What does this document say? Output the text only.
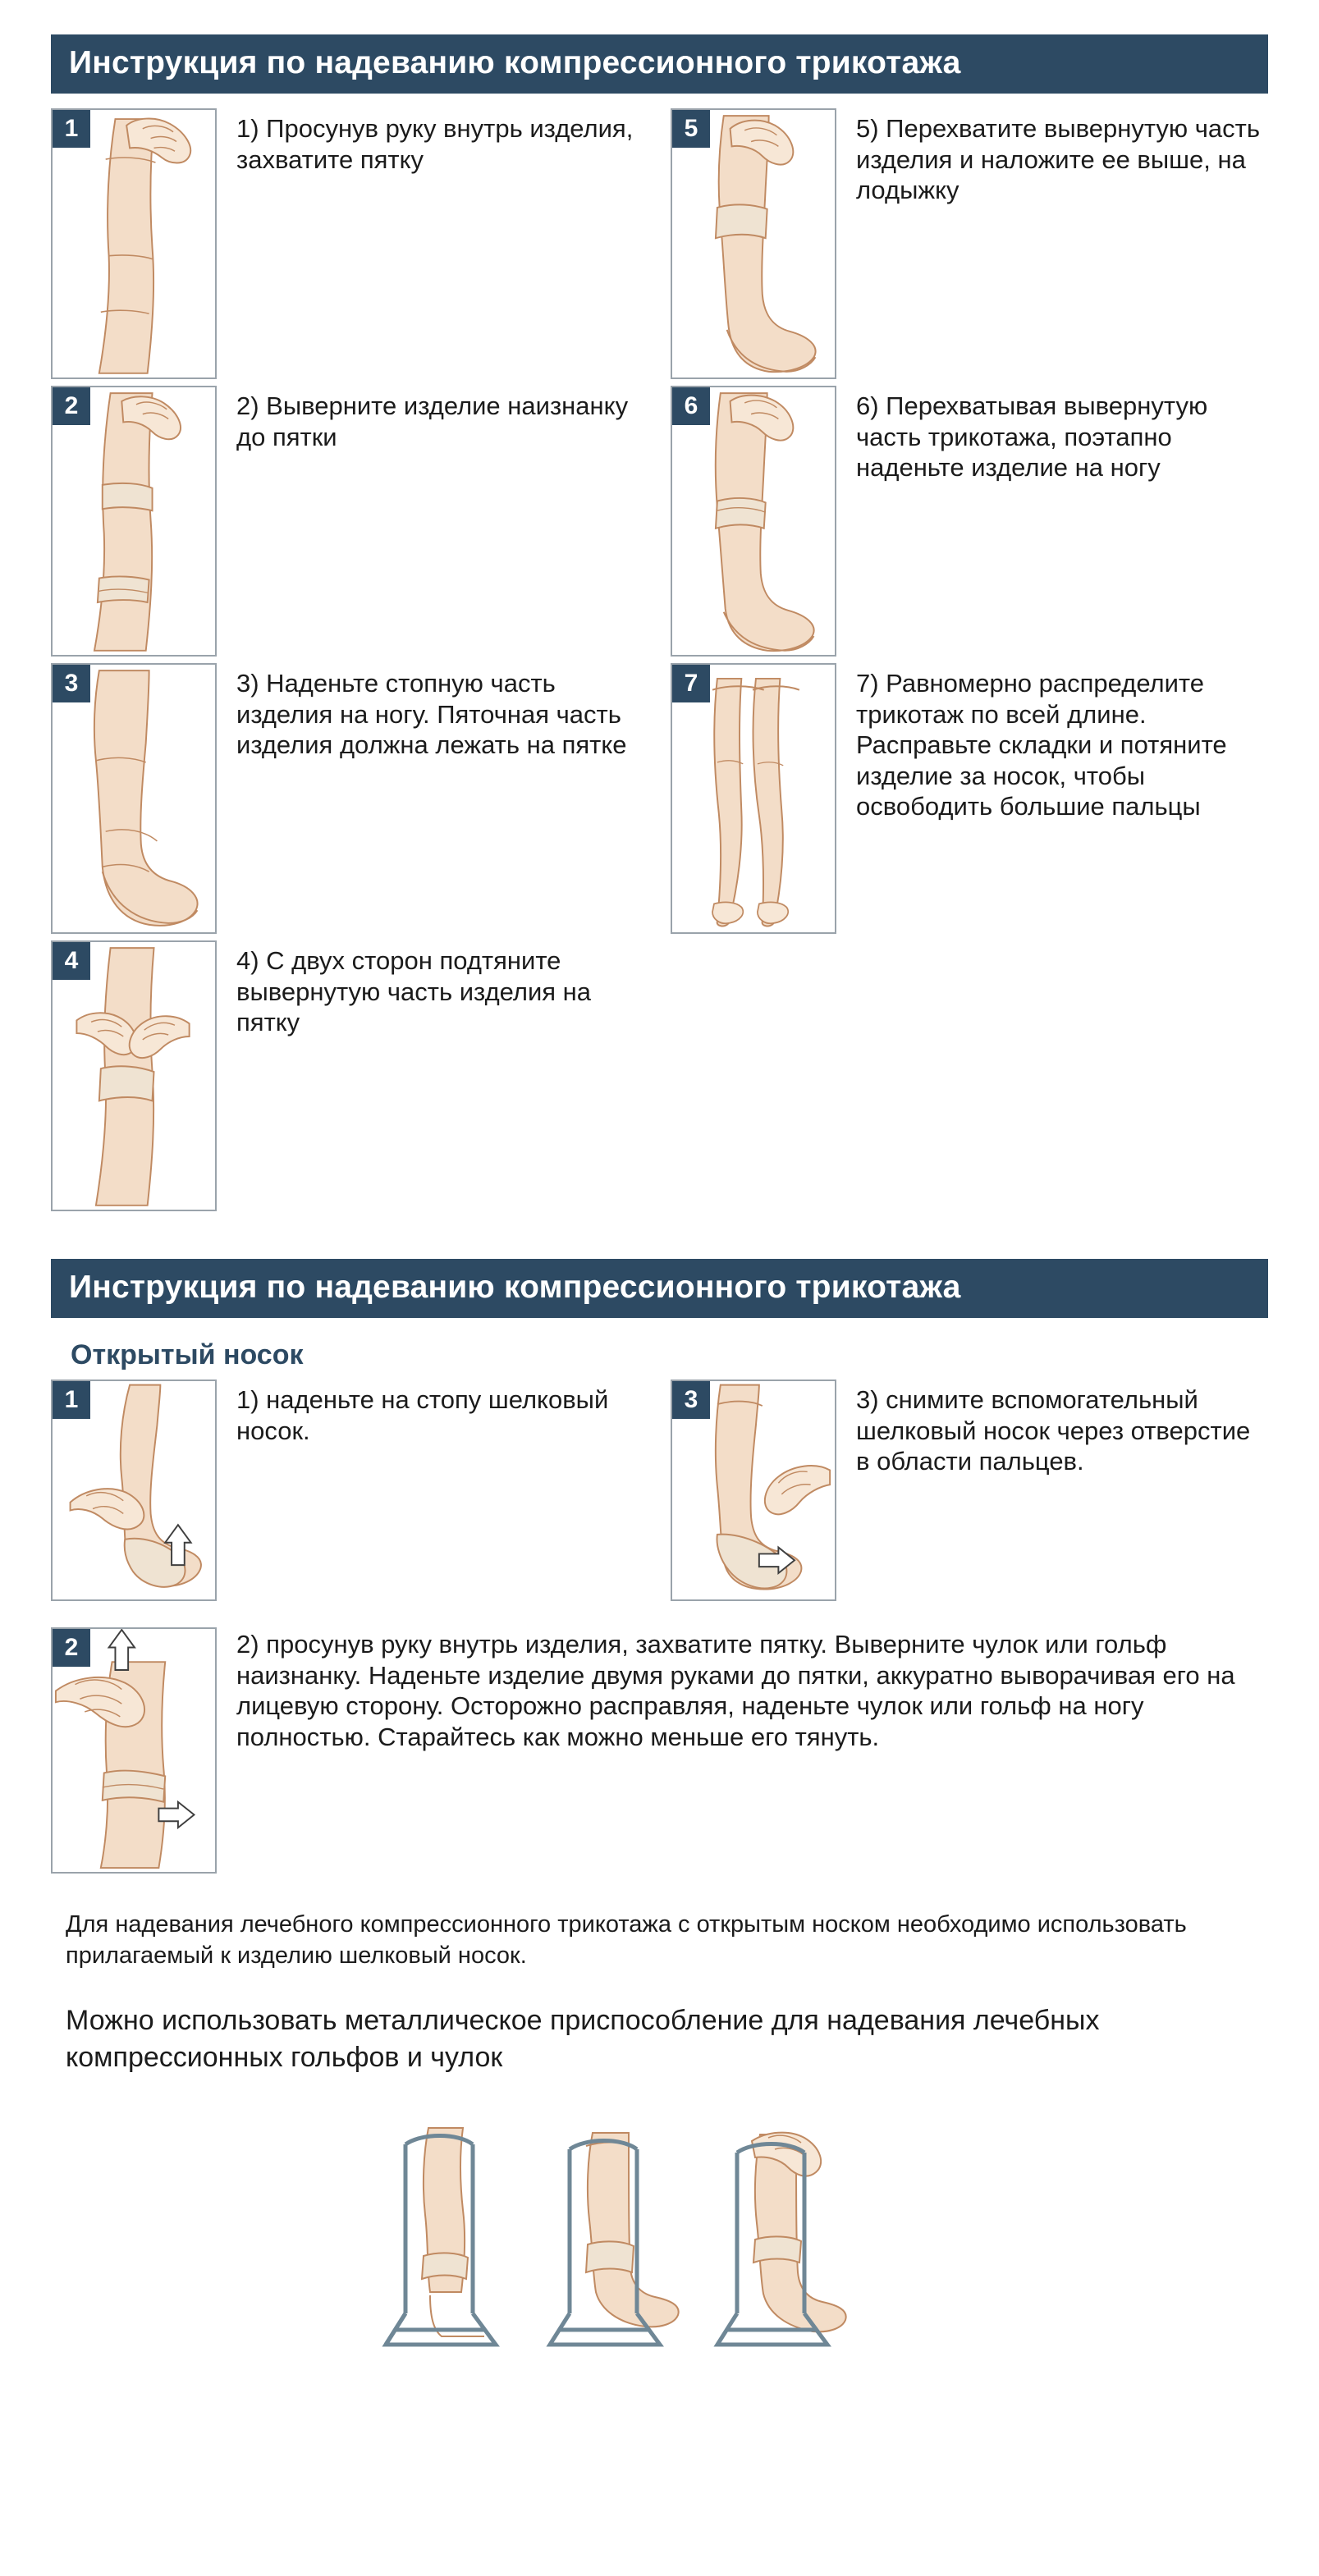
Инструкция по надеванию компрессионного трикотажа
1	1) Просунув руку внутрь изделия, захватите пятку
2	2) Выверните изделие наизнанку до пятки
3	3) Наденьте стопную часть изделия на ногу. Пяточная часть изделия должна лежать на пятке
4	4) С двух сторон подтяните вывернутую часть изделия на пятку
5	5) Перехватите вывернутую часть изделия и наложите ее выше, на лодыжку
6	6) Перехватывая вывернутую часть трикотажа, поэтапно наденьте изделие на ногу
7	7) Равномерно распределите трикотаж по всей длине. Расправьте складки и потяните изделие за носок, чтобы освободить большие пальцы
Инструкция по надеванию компрессионного трикотажа
Открытый носок
1	1) наденьте на стопу шелковый носок.
3	3) снимите вспомогательный шелковый носок через отверстие в области пальцев.
2	2) просунув руку внутрь изделия, захватите пятку. Выверните чулок или гольф наизнанку. Наденьте изделие двумя руками до пятки, аккуратно выворачивая его на лицевую сторону. Осторожно расправляя, наденьте чулок или гольф на ногу полностью. Старайтесь как можно меньше его тянуть.

Для надевания лечебного компрессионного трикотажа с открытым носком необходимо использовать прилагаемый к изделию шелковый носок.

Можно использовать металлическое приспособление для надевания лечебных компрессионных гольфов и чулок
